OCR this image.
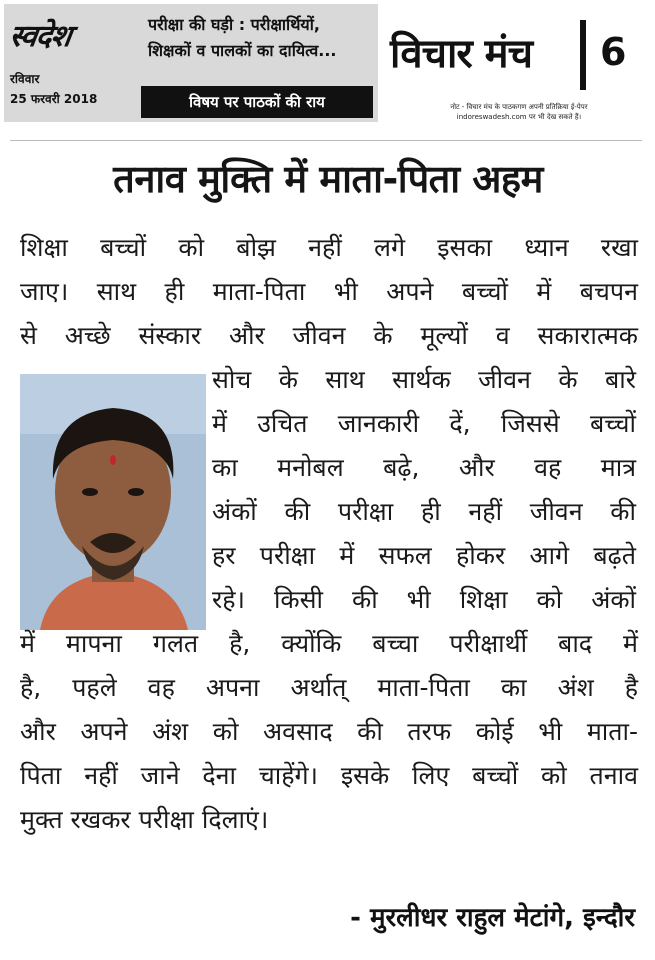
स्वदेश
रविवार
25 फरवरी 2018
परीक्षा की घड़ी : परीक्षार्थियों,
शिक्षकों व पालकों का दायित्व...
विषय पर पाठकों की राय
विचार मंच 6
नोट - विचार मंच के पाठकगण अपनी प्रतिक्रिया ई-पेपर
indoreswadesh.com पर भी देख सकते हैं।
तनाव मुक्ति में माता-पिता अहम
शिक्षा बच्चों को बोझ नहीं लगे इसका ध्यान रखा
जाए। साथ ही माता-पिता भी अपने बच्चों में बचपन
से अच्छे संस्कार और जीवन के मूल्यों व सकारात्मक
सोच के साथ सार्थक जीवन के बारे
में उचित जानकारी दें, जिससे बच्चों
का मनोबल बढ़े, और वह मात्र
अंकों की परीक्षा ही नहीं जीवन की
हर परीक्षा में सफल होकर आगे बढ़ते
रहे। किसी की भी शिक्षा को अंकों
में मापना गलत है, क्योंकि बच्चा परीक्षार्थी बाद में
है, पहले वह अपना अर्थात् माता-पिता का अंश है
और अपने अंश को अवसाद की तरफ कोई भी माता-
पिता नहीं जाने देना चाहेंगे। इसके लिए बच्चों को तनाव
मुक्त रखकर परीक्षा दिलाएं।
- मुरलीधर राहुल मेटांगे, इन्दौर
